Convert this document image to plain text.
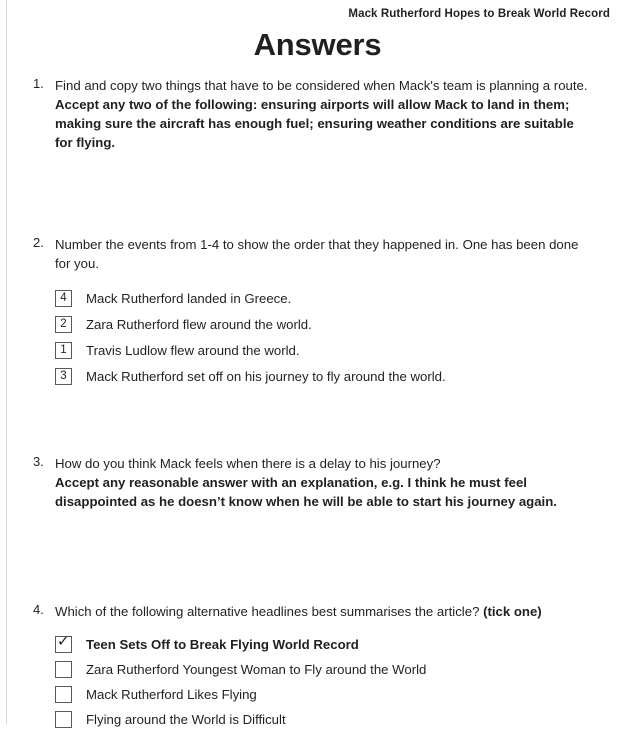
Mack Rutherford Hopes to Break World Record
Answers
1. Find and copy two things that have to be considered when Mack's team is planning a route.
Accept any two of the following: ensuring airports will allow Mack to land in them; making sure the aircraft has enough fuel; ensuring weather conditions are suitable for flying.
2. Number the events from 1-4 to show the order that they happened in. One has been done for you.
4	Mack Rutherford landed in Greece.
2	Zara Rutherford flew around the world.
1	Travis Ludlow flew around the world.
3	Mack Rutherford set off on his journey to fly around the world.
3. How do you think Mack feels when there is a delay to his journey?
Accept any reasonable answer with an explanation, e.g. I think he must feel disappointed as he doesn’t know when he will be able to start his journey again.
4. Which of the following alternative headlines best summarises the article? (tick one)
✓ Teen Sets Off to Break Flying World Record
Zara Rutherford Youngest Woman to Fly around the World
Mack Rutherford Likes Flying
Flying around the World is Difficult
